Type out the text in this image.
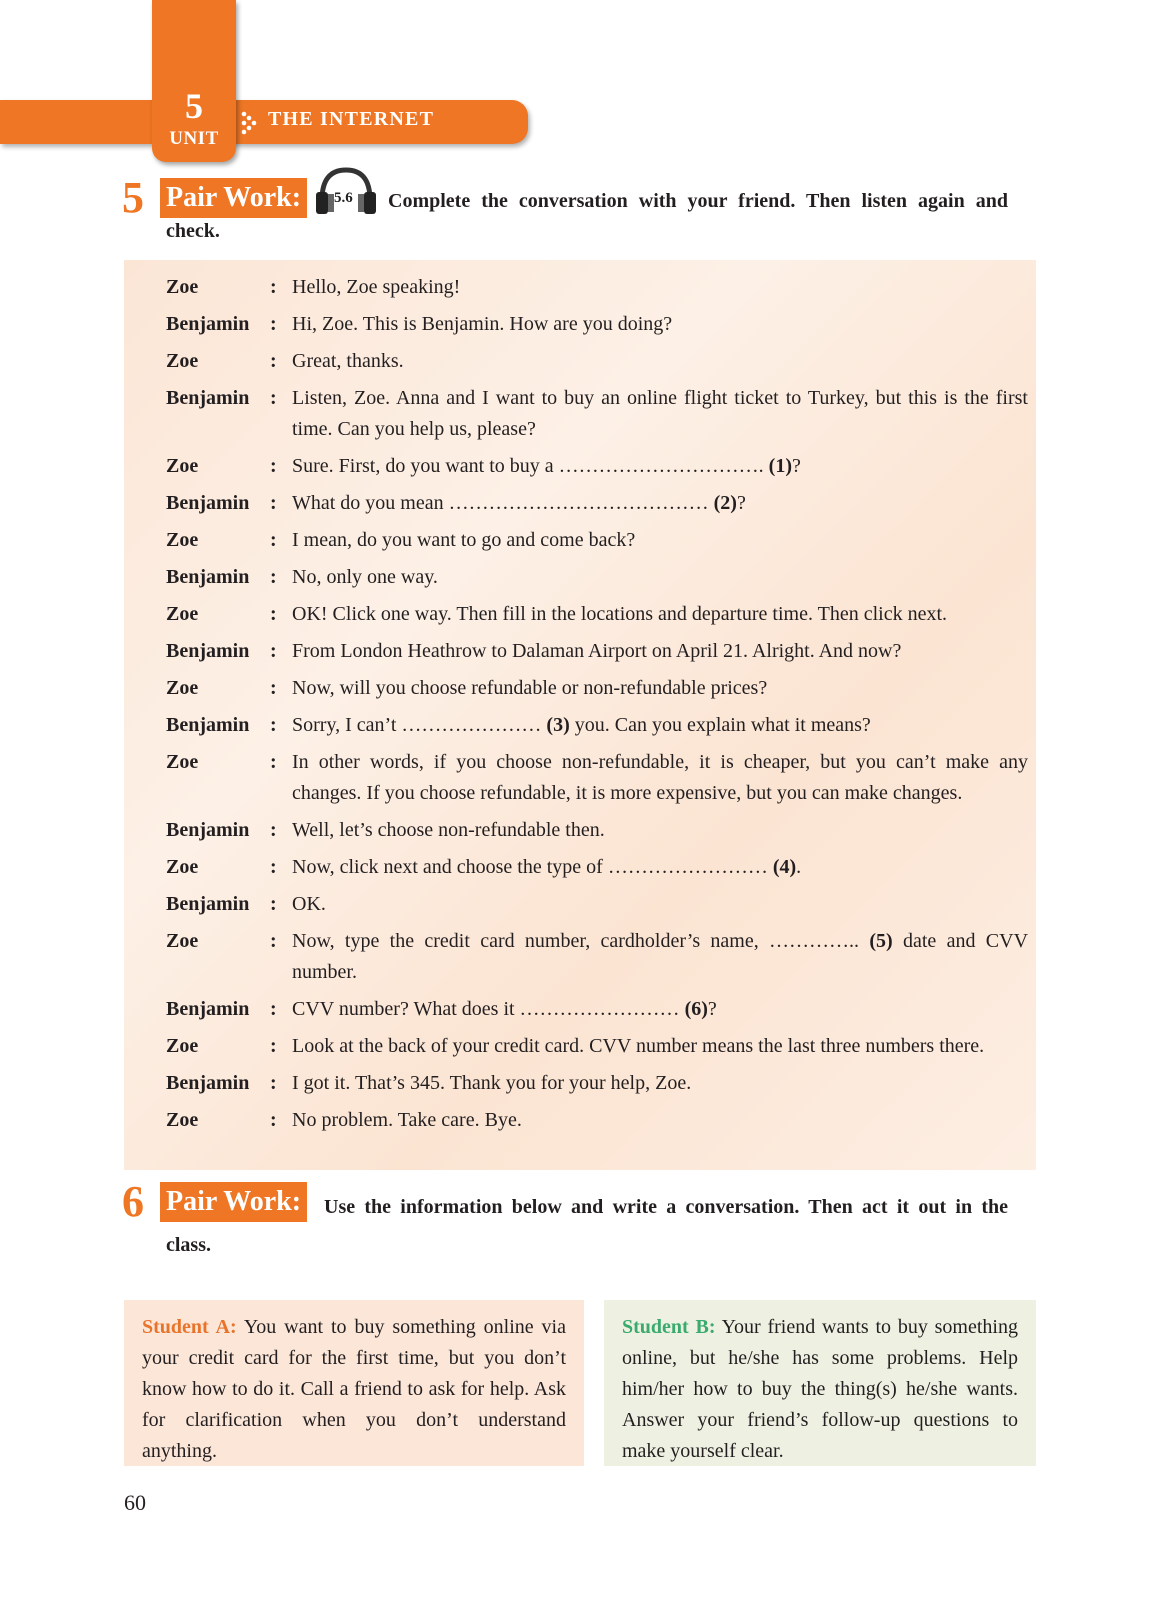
5
UNIT
THE INTERNET
5 Pair Work:	5.6 Complete the conversation with your friend. Then listen again and
check.
Zoe	: Hello, Zoe speaking!
Benjamin : Hi, Zoe. This is Benjamin. How are you doing?
Zoe	: Great, thanks.
Benjamin : Listen, Zoe. Anna and I want to buy an online flight ticket to Turkey, but this is the first time. Can you help us, please?
Zoe	: Sure. First, do you want to buy a …………………………. (1)?
Benjamin : What do you mean ………………………………… (2)?
Zoe	: I mean, do you want to go and come back?
Benjamin : No, only one way.
Zoe	: OK! Click one way. Then fill in the locations and departure time. Then click next.
Benjamin : From London Heathrow to Dalaman Airport on April 21. Alright. And now?
Zoe	: Now, will you choose refundable or non-refundable prices?
Benjamin : Sorry, I can’t ………………… (3) you. Can you explain what it means?
Zoe	: In other words, if you choose non-refundable, it is cheaper, but you can’t make any changes. If you choose refundable, it is more expensive, but you can make changes.
Benjamin : Well, let’s choose non-refundable then.
Zoe	: Now, click next and choose the type of …………………… (4).
Benjamin : OK.
Zoe	: Now, type the credit card number, cardholder’s name, ………….. (5) date and CVV number.
Benjamin : CVV number? What does it …………………… (6)?
Zoe	: Look at the back of your credit card. CVV number means the last three numbers there.
Benjamin : I got it. That’s 345. Thank you for your help, Zoe.
Zoe	: No problem. Take care. Bye.
6 Pair Work:	Use the information below and write a conversation. Then act it out in the
class.
Student A: You want to buy something online via your credit card for the first time, but you don’t know how to do it. Call a friend to ask for help. Ask for clarification when you don’t understand anything.
Student B: Your friend wants to buy something online, but he/she has some problems. Help him/her how to buy the thing(s) he/she wants. Answer your friend’s follow-up questions to make yourself clear.
60
